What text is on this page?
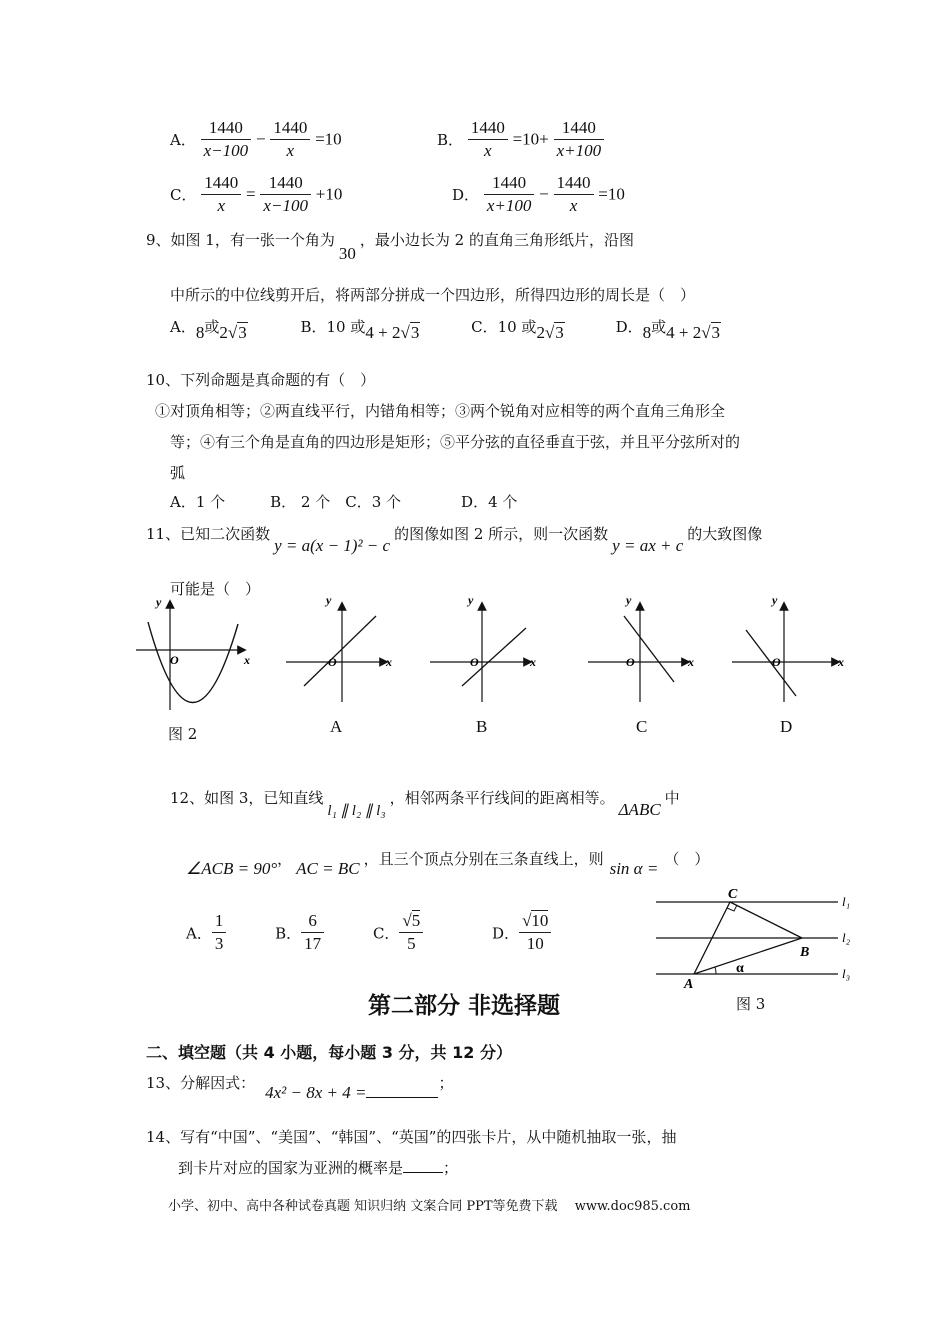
A． $\frac{1440}{x-100} - \frac{1440}{x} =10$	B． $\frac{1440}{x} =10+ \frac{1440}{x+100}$
C． $\frac{1440}{x} = \frac{1440}{x-100} +10$	D． $\frac{1440}{x+100} - \frac{1440}{x} =10$
9、如图 1，有一张一个角为30，最小边长为 2 的直角三角形纸片，沿图
中所示的中位线剪开后，将两部分拼成一个四边形，所得四边形的周长是（　）
A．8或2√3	B．10 或4 + 2√3	C．10 或2√3	D．8或4 + 2√3
10、下列命题是真命题的有（　）
①对顶角相等；②两直线平行，内错角相等；③两个锐角对应相等的两个直角三角形全
等；④有三个角是直角的四边形是矩形；⑤平分弦的直径垂直于弦，并且平分弦所对的
弧
A．1 个　　　B． 2 个　C．3 个　　　　D．4 个
11、已知二次函数y = a(x − 1)² − c的图像如图 2 所示，则一次函数y = ax + c的大致图像
可能是（　）
y
x
O
y
x
O
y
x
O
y
x
O
y
x
O
图 2	A	B	C	D
12、如图 3，已知直线l₁ ∥ l₂ ∥ l₃，相邻两条平行线间的距离相等。ΔABC中
∠ACB = 90°， AC = BC ，且三个顶点分别在三条直线上，则 sin α = （　）
A． $\frac{1}{3}$	B． $\frac{6}{17}$	C． $\frac{√5}{5}$	D． $\frac{√10}{10}$
C
B
A
α
l₁
l₂
l₃
图 3
第二部分 非选择题
二、填空题（共 4 小题，每小题 3 分，共 12 分）
13、分解因式： 4x² − 8x + 4 =	；
14、写有“中国”、“美国”、“韩国”、“英国”的四张卡片，从中随机抽取一张，抽
到卡片对应的国家为亚洲的概率是	；
小学、初中、高中各种试卷真题 知识归纳 文案合同 PPT等免费下载　 www.doc985.com
